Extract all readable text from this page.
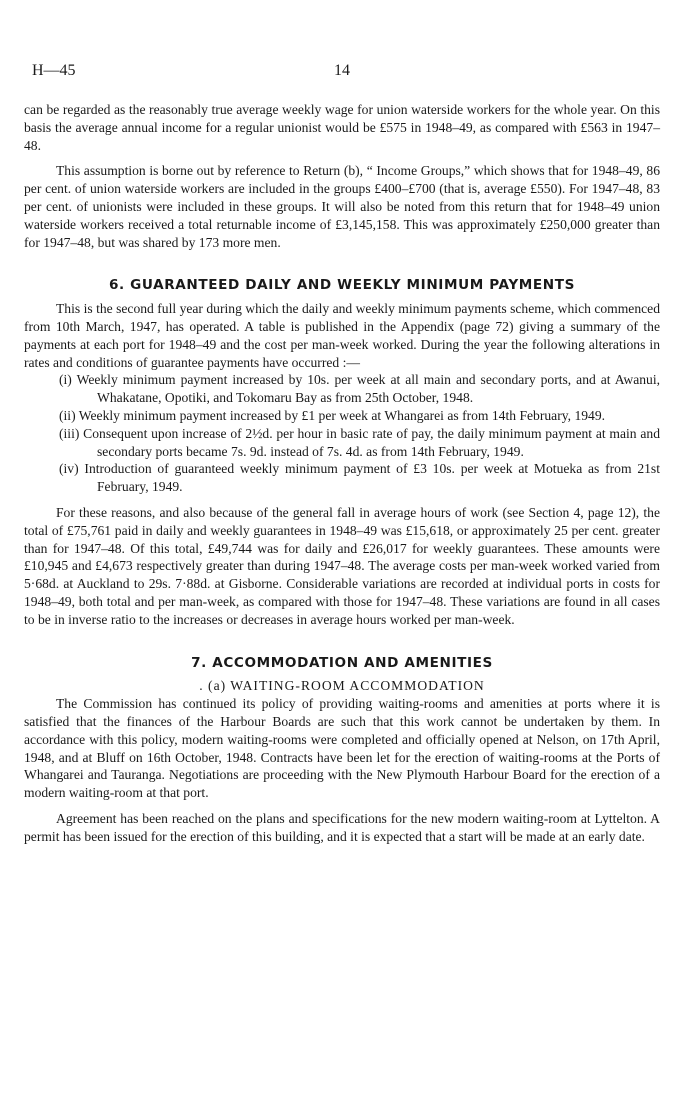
H—45	14

can be regarded as the reasonably true average weekly wage for union waterside workers for the whole year. On this basis the average annual income for a regular unionist would be £575 in 1948–49, as compared with £563 in 1947–48.

This assumption is borne out by reference to Return (b), “ Income Groups,” which shows that for 1948–49, 86 per cent. of union waterside workers are included in the groups £400–£700 (that is, average £550). For 1947–48, 83 per cent. of unionists were included in these groups. It will also be noted from this return that for 1948–49 union waterside workers received a total returnable income of £3,145,158. This was approximately £250,000 greater than for 1947–48, but was shared by 173 more men.

6. GUARANTEED DAILY AND WEEKLY MINIMUM PAYMENTS

This is the second full year during which the daily and weekly minimum payments scheme, which commenced from 10th March, 1947, has operated. A table is published in the Appendix (page 72) giving a summary of the payments at each port for 1948–49 and the cost per man-week worked. During the year the following alterations in rates and conditions of guarantee payments have occurred :—

(i) Weekly minimum payment increased by 10s. per week at all main and secondary ports, and at Awanui, Whakatane, Opotiki, and Tokomaru Bay as from 25th October, 1948.
(ii) Weekly minimum payment increased by £1 per week at Whangarei as from 14th February, 1949.
(iii) Consequent upon increase of 2½d. per hour in basic rate of pay, the daily minimum payment at main and secondary ports became 7s. 9d. instead of 7s. 4d. as from 14th February, 1949.
(iv) Introduction of guaranteed weekly minimum payment of £3 10s. per week at Motueka as from 21st February, 1949.

For these reasons, and also because of the general fall in average hours of work (see Section 4, page 12), the total of £75,761 paid in daily and weekly guarantees in 1948–49 was £15,618, or approximately 25 per cent. greater than for 1947–48. Of this total, £49,744 was for daily and £26,017 for weekly guarantees. These amounts were £10,945 and £4,673 respectively greater than during 1947–48. The average costs per man-week worked varied from 5·68d. at Auckland to 29s. 7·88d. at Gisborne. Considerable variations are recorded at individual ports in costs for 1948–49, both total and per man-week, as compared with those for 1947–48. These variations are found in all cases to be in inverse ratio to the increases or decreases in average hours worked per man-week.

7. ACCOMMODATION AND AMENITIES

. (a) WAITING-ROOM ACCOMMODATION

The Commission has continued its policy of providing waiting-rooms and amenities at ports where it is satisfied that the finances of the Harbour Boards are such that this work cannot be undertaken by them. In accordance with this policy, modern waiting-rooms were completed and officially opened at Nelson, on 17th April, 1948, and at Bluff on 16th October, 1948. Contracts have been let for the erection of waiting-rooms at the Ports of Whangarei and Tauranga. Negotiations are proceeding with the New Plymouth Harbour Board for the erection of a modern waiting-room at that port.

Agreement has been reached on the plans and specifications for the new modern waiting-room at Lyttelton. A permit has been issued for the erection of this building, and it is expected that a start will be made at an early date.
